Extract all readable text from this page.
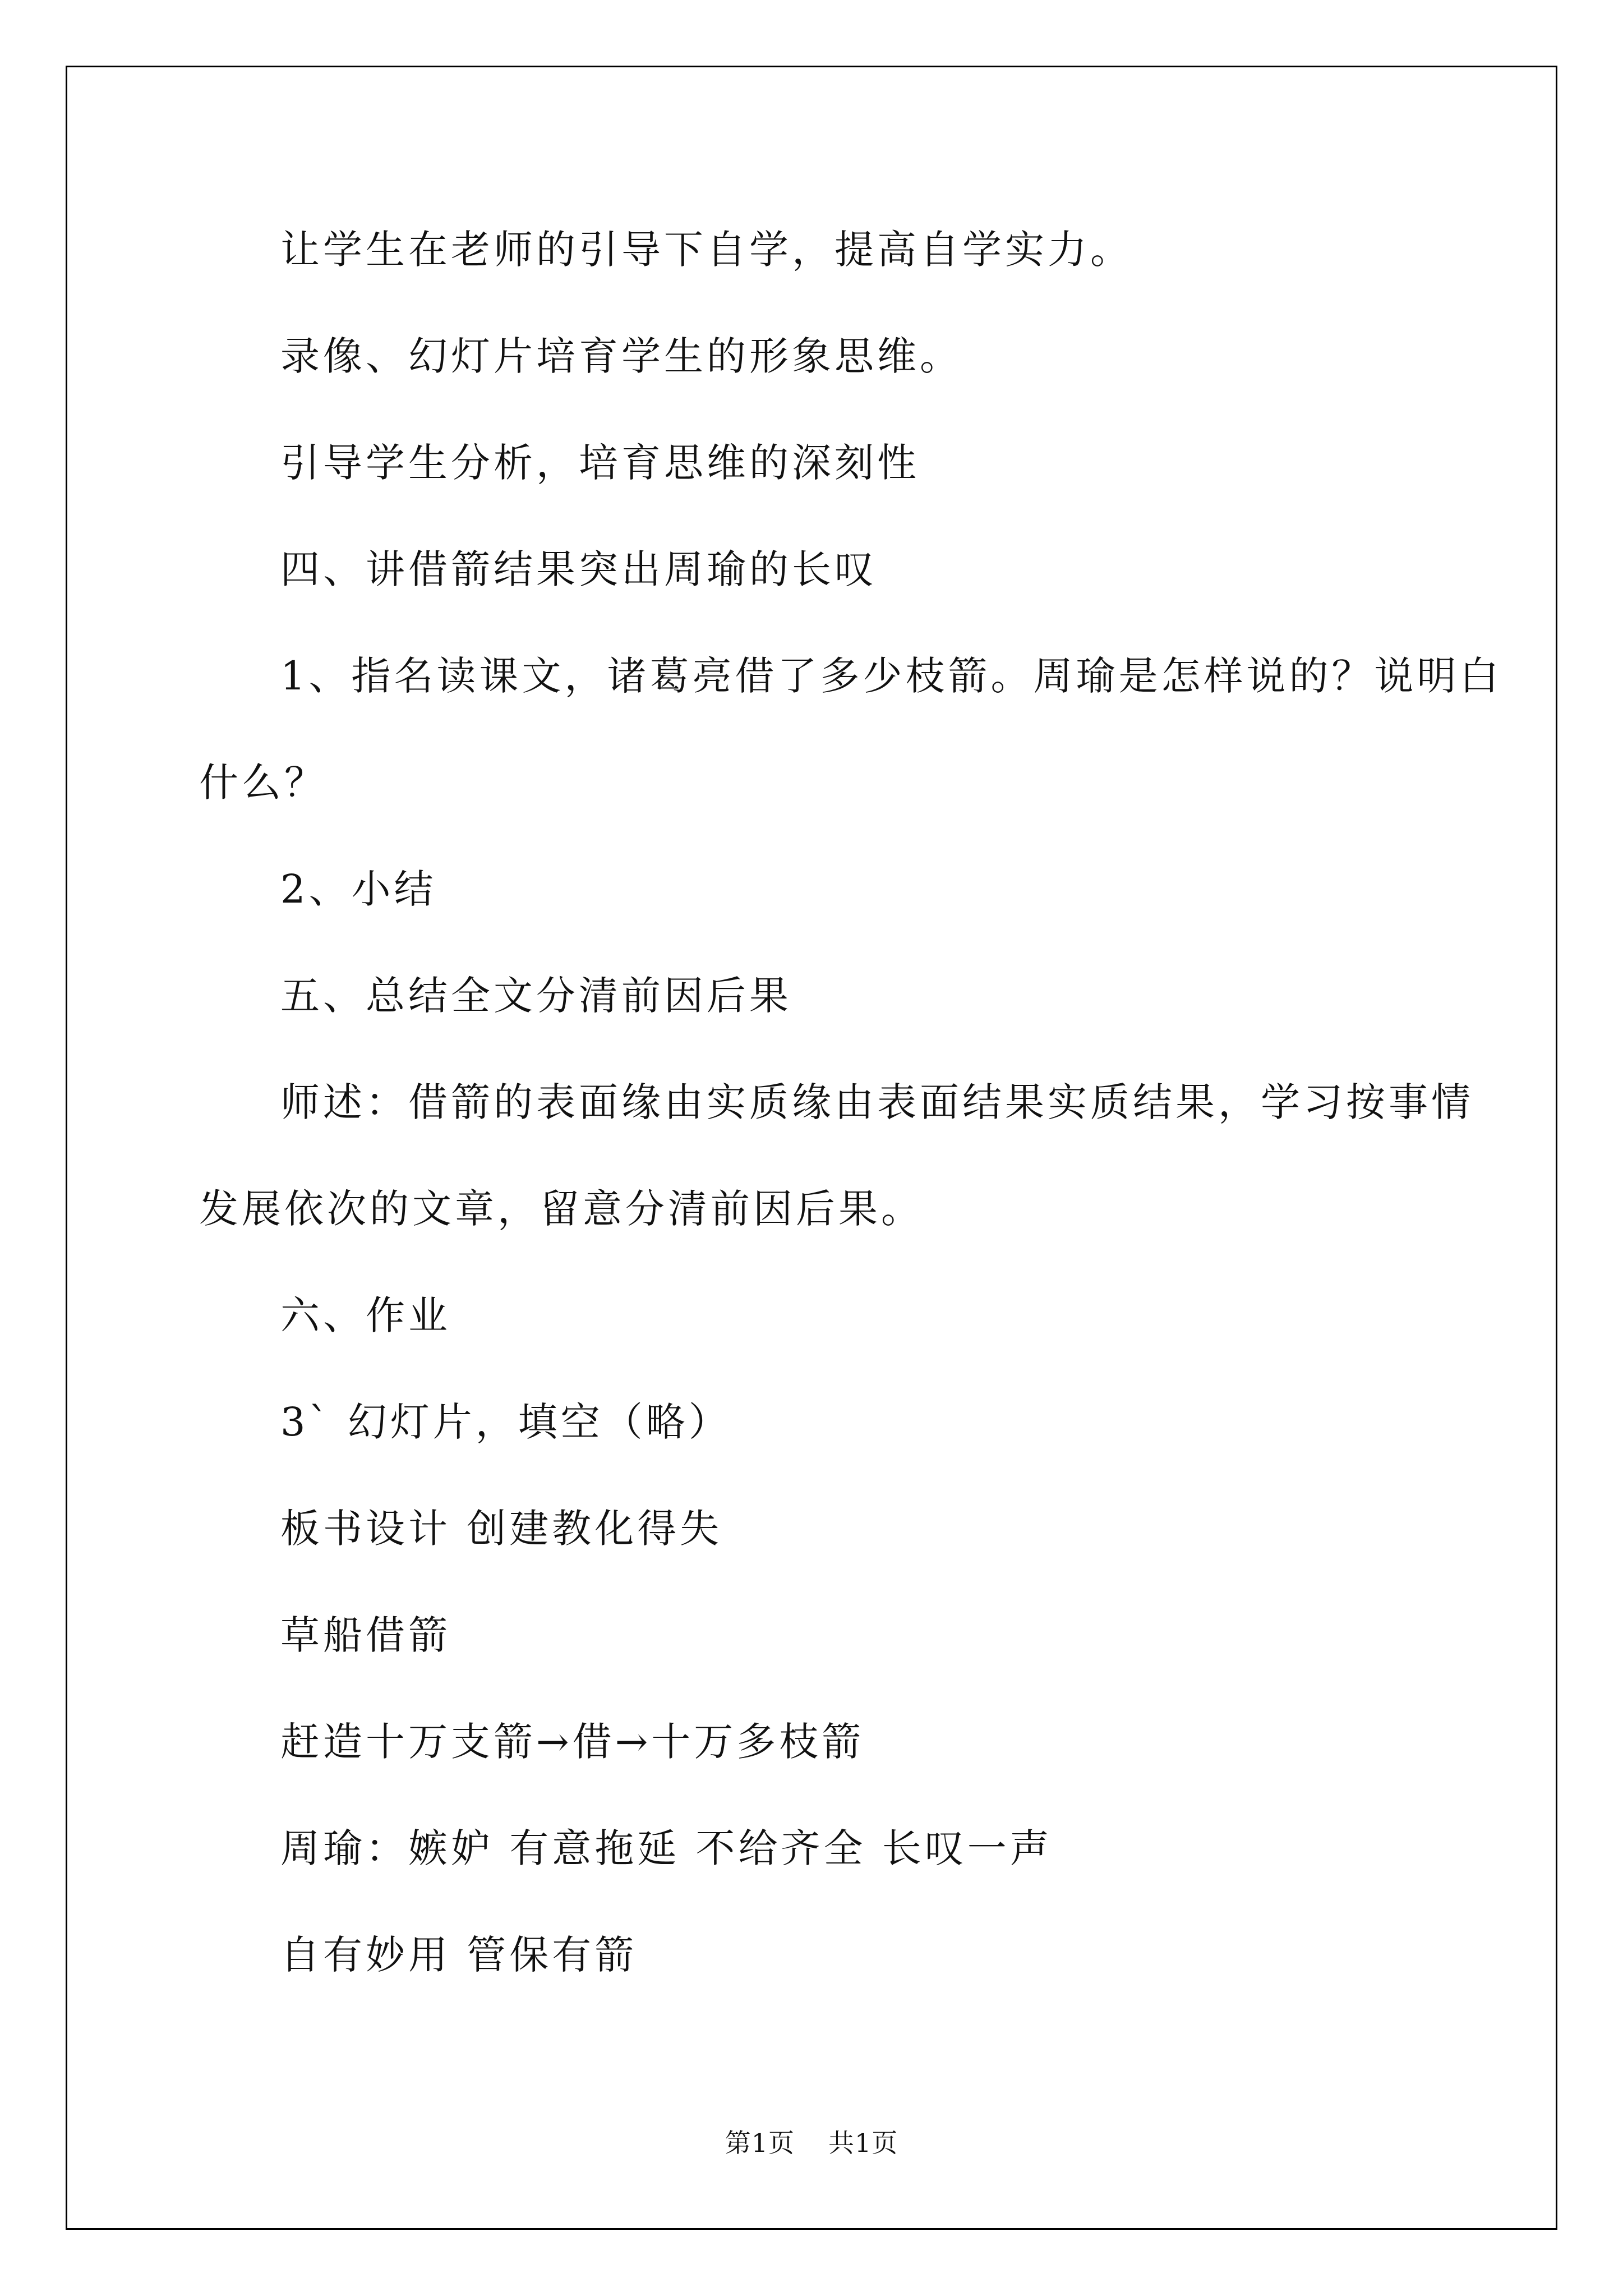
让学生在老师的引导下自学，提高自学实力。
录像、幻灯片培育学生的形象思维。
引导学生分析，培育思维的深刻性
四、讲借箭结果突出周瑜的长叹
1、指名读课文，诸葛亮借了多少枝箭。周瑜是怎样说的？说明白
什么？
2、小结
五、总结全文分清前因后果
师述：借箭的表面缘由实质缘由表面结果实质结果，学习按事情
发展依次的文章，留意分清前因后果。
六、作业
3` 幻灯片，填空（略）
板书设计 创建教化得失
草船借箭
赶造十万支箭→借→十万多枝箭
周瑜：嫉妒 有意拖延 不给齐全 长叹一声
自有妙用 管保有箭
第1页 共1页
